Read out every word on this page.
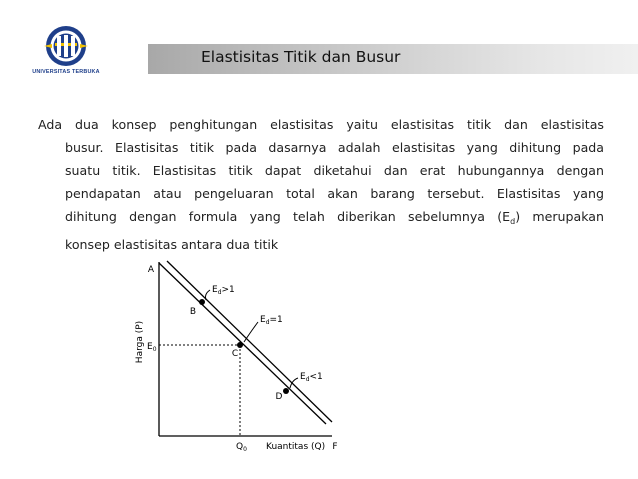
UNIVERSITAS TERBUKA
Elastisitas Titik dan Busur
Ada dua konsep penghitungan elastisitas yaitu elastisitas titik dan elastisitas
busur. Elastisitas titik pada dasarnya adalah elastisitas yang dihitung pada
suatu titik. Elastisitas titik dapat diketahui dan erat hubungannya dengan
pendapatan atau pengeluaran total akan barang tersebut. Elastisitas yang
dihitung dengan formula yang telah diberikan sebelumnya $(E_d)$ merupakan
konsep elastisitas antara dua titik
A
B
C
D
F
$E_d>1$
$E_d=1$
$E_d<1$
$E_0$
$Q_0$ Kuantitas (Q)
Harga (P)
